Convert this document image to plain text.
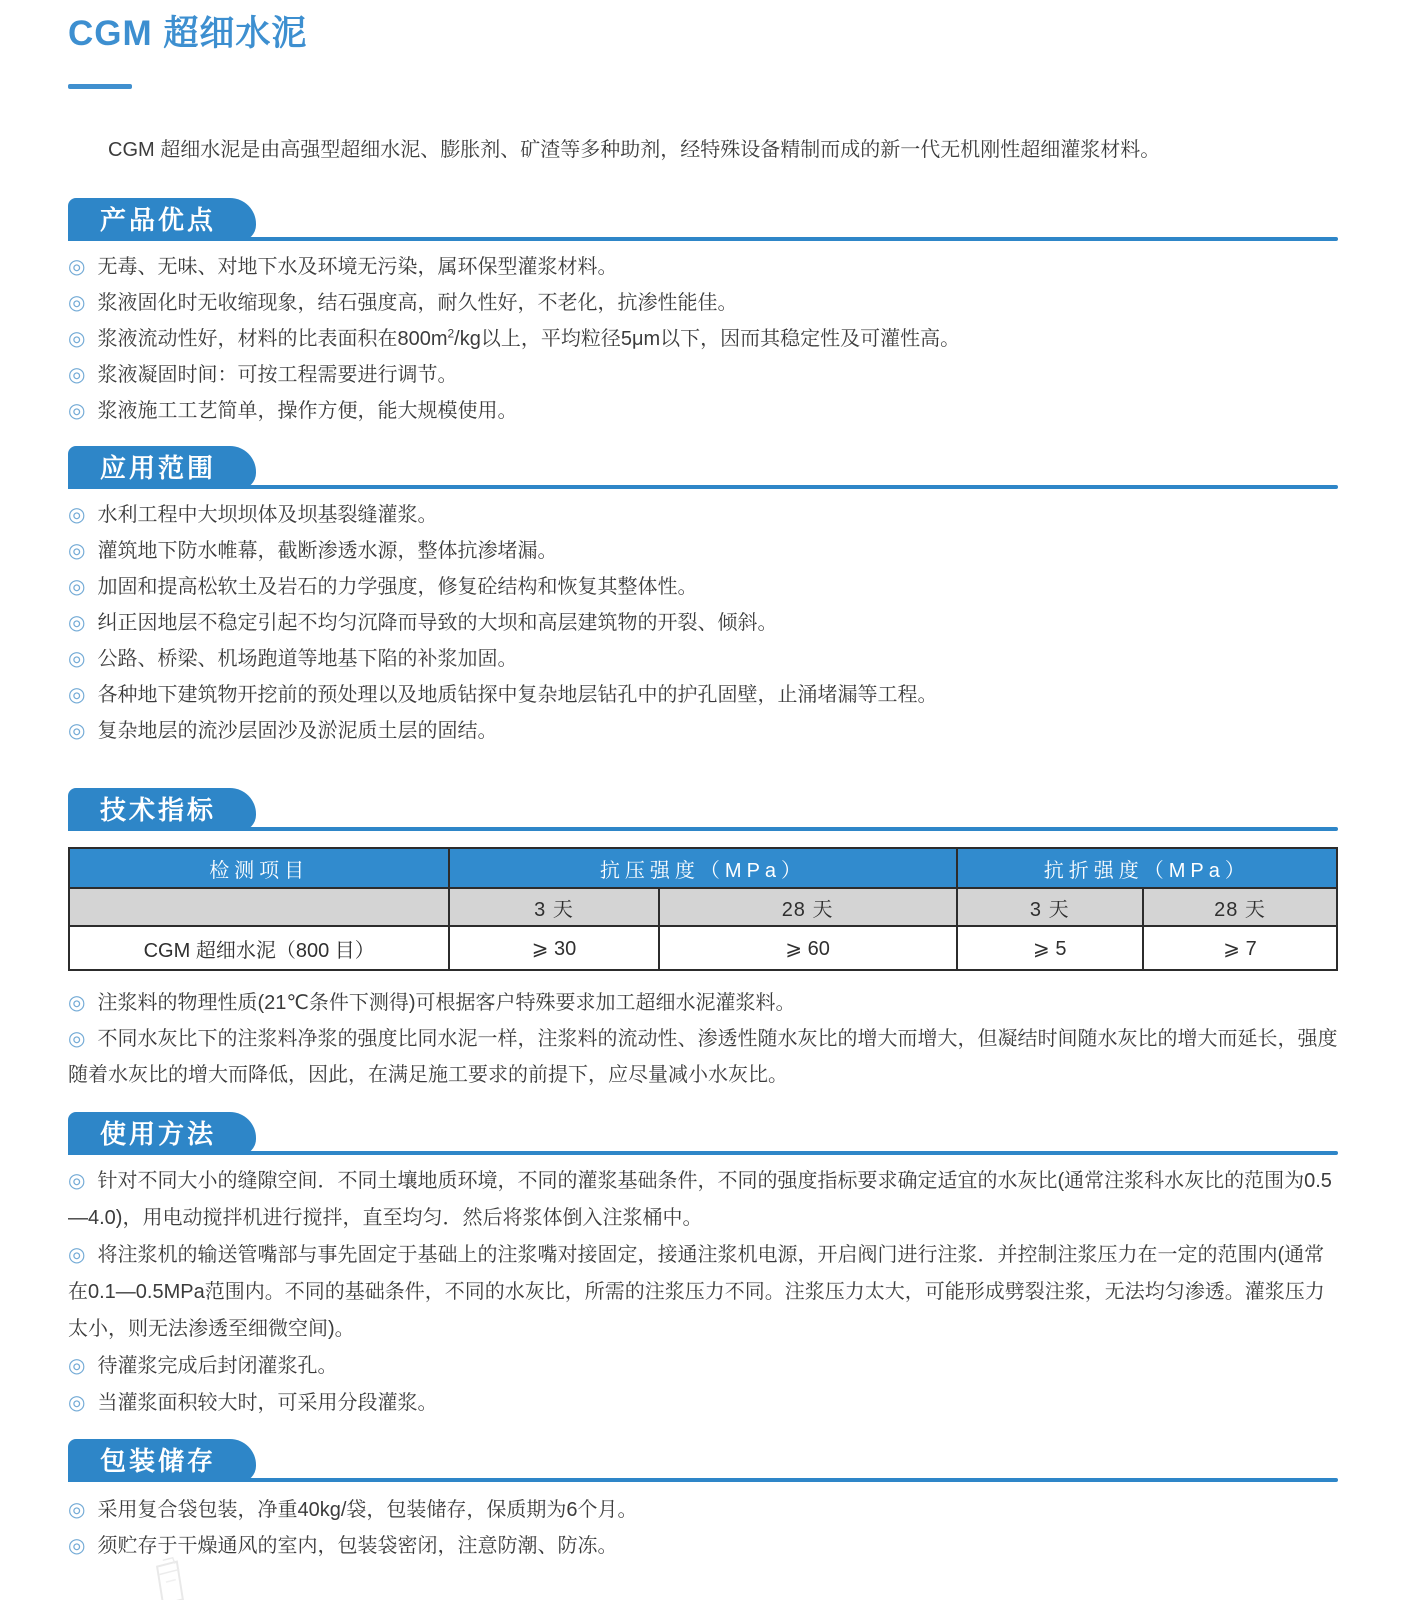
CGM 超细水泥

CGM 超细水泥是由高强型超细水泥、膨胀剂、矿渣等多种助剂，经特殊设备精制而成的新一代无机刚性超细灌浆材料。

产品优点

◎ 无毒、无味、对地下水及环境无污染，属环保型灌浆材料。

◎ 浆液固化时无收缩现象，结石强度高，耐久性好，不老化，抗渗性能佳。

◎ 浆液流动性好，材料的比表面积在$800m^2/kg$以上，平均粒径5μm以下，因而其稳定性及可灌性高。

◎ 浆液凝固时间：可按工程需要进行调节。

◎ 浆液施工工艺简单，操作方便，能大规模使用。

应用范围

◎ 水利工程中大坝坝体及坝基裂缝灌浆。

◎ 灌筑地下防水帷幕，截断渗透水源，整体抗渗堵漏。

◎ 加固和提高松软土及岩石的力学强度，修复砼结构和恢复其整体性。

◎ 纠正因地层不稳定引起不均匀沉降而导致的大坝和高层建筑物的开裂、倾斜。

◎ 公路、桥梁、机场跑道等地基下陷的补浆加固。

◎ 各种地下建筑物开挖前的预处理以及地质钻探中复杂地层钻孔中的护孔固壁，止涌堵漏等工程。

◎ 复杂地层的流沙层固沙及淤泥质土层的固结。

技术指标
检测项目	抗压强度（MPa）		抗折强度（MPa）	
	3 天	28 天	3 天	28 天
CGM 超细水泥（800 目）	⩾ 30	⩾ 60	⩾ 5	⩾ 7

◎ 注浆料的物理性质(21℃条件下测得)可根据客户特殊要求加工超细水泥灌浆料。

◎ 不同水灰比下的注浆料净浆的强度比同水泥一样，注浆料的流动性、渗透性随水灰比的增大而增大，但凝结时间随水灰比的增大而延长，强度随着水灰比的增大而降低，因此，在满足施工要求的前提下，应尽量减小水灰比。

使用方法

◎ 针对不同大小的缝隙空间．不同土壤地质环境，不同的灌浆基础条件，不同的强度指标要求确定适宜的水灰比(通常注浆科水灰比的范围为0.5—4.0)，用电动搅拌机进行搅拌，直至均匀．然后将浆体倒入注浆桶中。

◎ 将注浆机的输送管嘴部与事先固定于基础上的注浆嘴对接固定，接通注浆机电源，开启阀门进行注浆．并控制注浆压力在一定的范围内(通常在0.1—0.5MPa范围内。不同的基础条件，不同的水灰比，所需的注浆压力不同。注浆压力太大，可能形成劈裂注浆，无法均匀渗透。灌浆压力太小，则无法渗透至细微空间)。

◎ 待灌浆完成后封闭灌浆孔。

◎ 当灌浆面积较大时，可采用分段灌浆。

包装储存

◎ 采用复合袋包装，净重40kg/袋，包装储存，保质期为6个月。

◎ 须贮存于干燥通风的室内，包装袋密闭，注意防潮、防冻。
